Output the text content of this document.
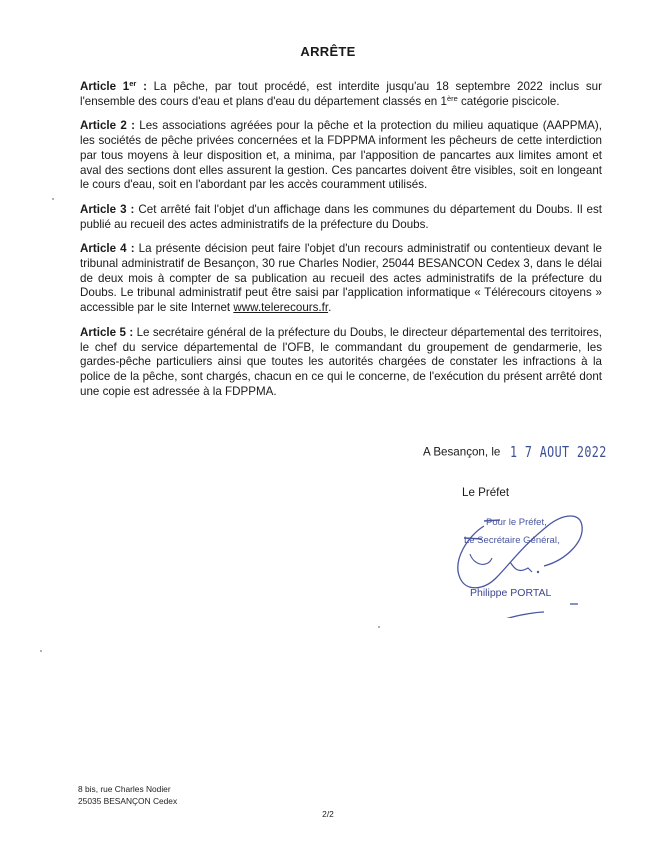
ARRÊTE

Article 1er : La pêche, par tout procédé, est interdite jusqu'au 18 septembre 2022 inclus sur l'ensemble des cours d'eau et plans d'eau du département classés en 1ère catégorie piscicole.

Article 2 : Les associations agréées pour la pêche et la protection du milieu aquatique (AAPPMA), les sociétés de pêche privées concernées et la FDPPMA informent les pêcheurs de cette interdiction par tous moyens à leur disposition et, a minima, par l'apposition de pancartes aux limites amont et aval des sections dont elles assurent la gestion. Ces pancartes doivent être visibles, soit en longeant le cours d'eau, soit en l'abordant par les accès couramment utilisés.

Article 3 : Cet arrêté fait l'objet d'un affichage dans les communes du département du Doubs. Il est publié au recueil des actes administratifs de la préfecture du Doubs.

Article 4 : La présente décision peut faire l'objet d'un recours administratif ou contentieux devant le tribunal administratif de Besançon, 30 rue Charles Nodier, 25044 BESANCON Cedex 3, dans le délai de deux mois à compter de sa publication au recueil des actes administratifs de la préfecture du Doubs. Le tribunal administratif peut être saisi par l'application informatique « Télérecours citoyens » accessible par le site Internet www.telerecours.fr.

Article 5 : Le secrétaire général de la préfecture du Doubs, le directeur départemental des territoires, le chef du service départemental de l'OFB, le commandant du groupement de gendarmerie, les gardes-pêche particuliers ainsi que toutes les autorités chargées de constater les infractions à la police de la pêche, sont chargés, chacun en ce qui le concerne, de l'exécution du présent arrêté dont une copie est adressée à la FDPPMA.

A Besançon, le 1 7 AOUT 2022
Le Préfet
Pour le Préfet,
Le Secrétaire Général,
Philippe PORTAL
8 bis, rue Charles Nodier
25035 BESANÇON Cedex
2/2
